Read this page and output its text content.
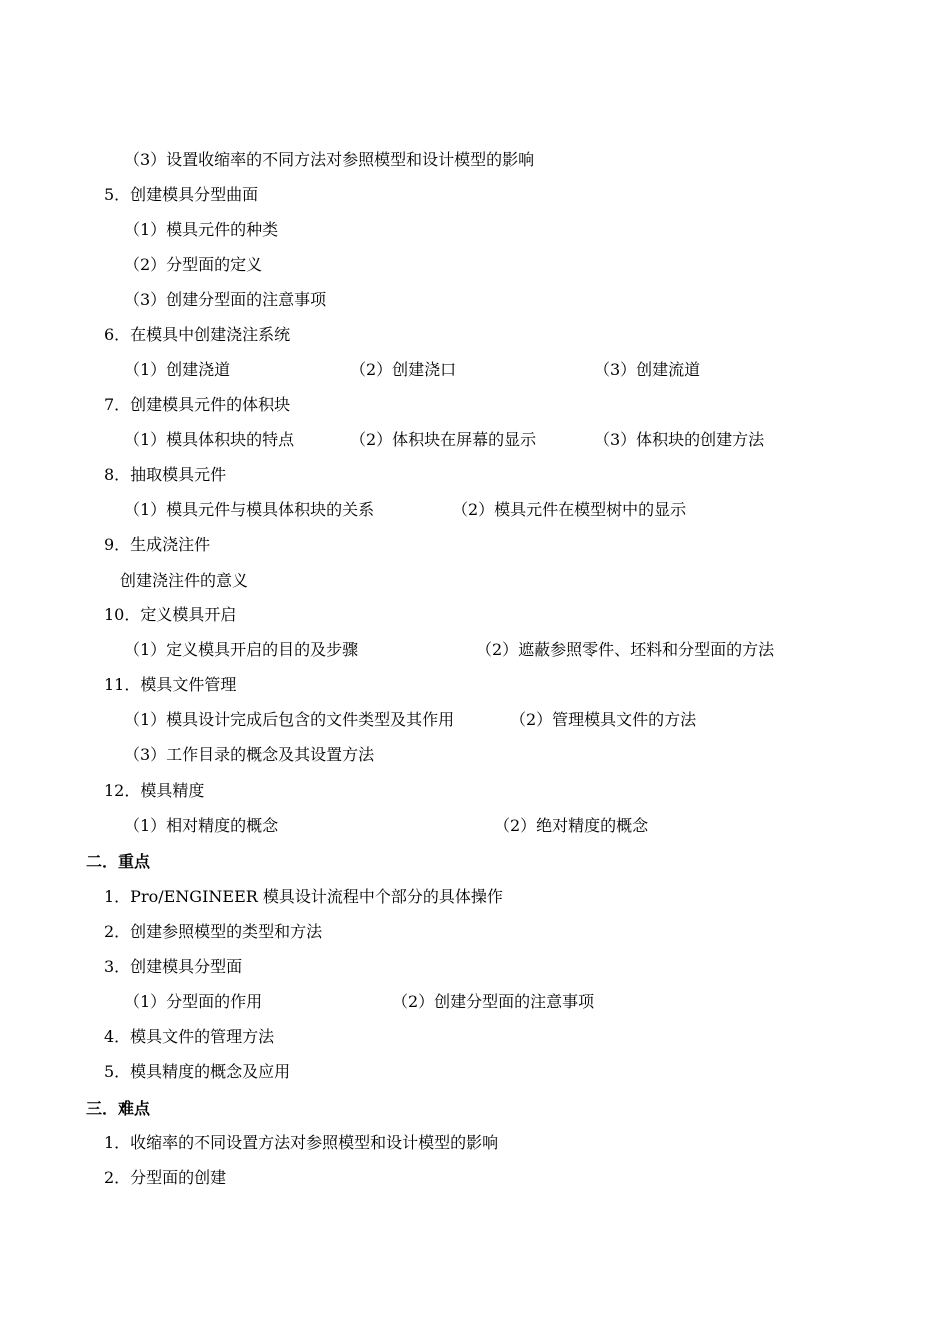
（3）设置收缩率的不同方法对参照模型和设计模型的影响
5．创建模具分型曲面
（1）模具元件的种类
（2）分型面的定义
（3）创建分型面的注意事项
6．在模具中创建浇注系统
（1）创建浇道	（2）创建浇口	（3）创建流道
7．创建模具元件的体积块
（1）模具体积块的特点	（2）体积块在屏幕的显示	（3）体积块的创建方法
8．抽取模具元件
（1）模具元件与模具体积块的关系	（2）模具元件在模型树中的显示
9．生成浇注件
创建浇注件的意义
10．定义模具开启
（1）定义模具开启的目的及步骤	（2）遮蔽参照零件、坯料和分型面的方法
11．模具文件管理
（1）模具设计完成后包含的文件类型及其作用	（2）管理模具文件的方法
（3）工作目录的概念及其设置方法
12．模具精度
（1）相对精度的概念	（2）绝对精度的概念
二．重点
1．Pro/ENGINEER 模具设计流程中个部分的具体操作
2．创建参照模型的类型和方法
3．创建模具分型面
（1）分型面的作用	（2）创建分型面的注意事项
4．模具文件的管理方法
5．模具精度的概念及应用
三．难点
1．收缩率的不同设置方法对参照模型和设计模型的影响
2．分型面的创建
